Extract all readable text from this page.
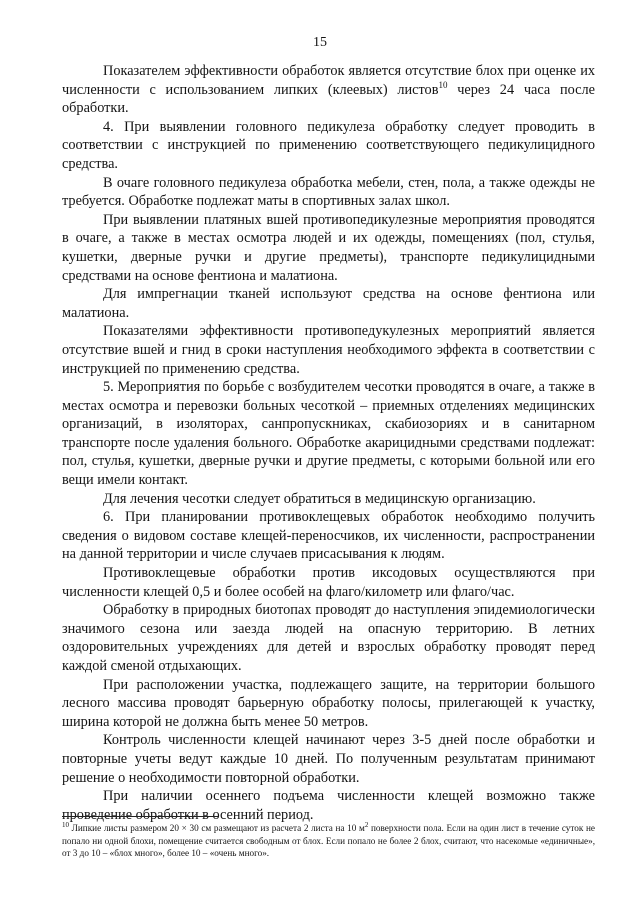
15

Показателем эффективности обработок является отсутствие блох при оценке их численности с использованием липких (клеевых) листов$^{10}$ через 24 часа после обработки.

4. При выявлении головного педикулеза обработку следует проводить в соответствии с инструкцией по применению соответствующего педикулицидного средства.

В очаге головного педикулеза обработка мебели, стен, пола, а также одежды не требуется. Обработке подлежат маты в спортивных залах школ.

При выявлении платяных вшей противопедикулезные мероприятия проводятся в очаге, а также в местах осмотра людей и их одежды, помещениях (пол, стулья, кушетки, дверные ручки и другие предметы), транспорте педикулицидными средствами на основе фентиона и малатиона.

Для импрегнации тканей используют средства на основе фентиона или малатиона.

Показателями эффективности противопедукулезных мероприятий является отсутствие вшей и гнид в сроки наступления необходимого эффекта в соответствии с инструкцией по применению средства.

5. Мероприятия по борьбе с возбудителем чесотки проводятся в очаге, а также в местах осмотра и перевозки больных чесоткой – приемных отделениях медицинских организаций, в изоляторах, санпропускниках, скабиозориях и в санитарном транспорте после удаления больного. Обработке акарицидными средствами подлежат: пол, стулья, кушетки, дверные ручки и другие предметы, с которыми больной или его вещи имели контакт.

Для лечения чесотки следует обратиться в медицинскую организацию.

6. При планировании противоклещевых обработок необходимо получить сведения о видовом составе клещей-переносчиков, их численности, распространении на данной территории и числе случаев присасывания к людям.

Противоклещевые обработки против иксодовых осуществляются при численности клещей 0,5 и более особей на флаго/километр или флаго/час.

Обработку в природных биотопах проводят до наступления эпидемиологически значимого сезона или заезда людей на опасную территорию. В летних оздоровительных учреждениях для детей и взрослых обработку проводят перед каждой сменой отдыхающих.

При расположении участка, подлежащего защите, на территории большого лесного массива проводят барьерную обработку полосы, прилегающей к участку, ширина которой не должна быть менее 50 метров.

Контроль численности клещей начинают через 3-5 дней после обработки и повторные учеты ведут каждые 10 дней. По полученным результатам принимают решение о необходимости повторной обработки.

При наличии осеннего подъема численности клещей возможно также проведение обработки в осенний период.

$^{10}$ Липкие листы размером 20 × 30 см размещают из расчета 2 листа на 10 $м^2$ поверхности пола. Если на один лист в течение суток не попало ни одной блохи, помещение считается свободным от блох. Если попало не более 2 блох, считают, что насекомые «единичные», от 3 до 10 – «блох много», более 10 – «очень много».
